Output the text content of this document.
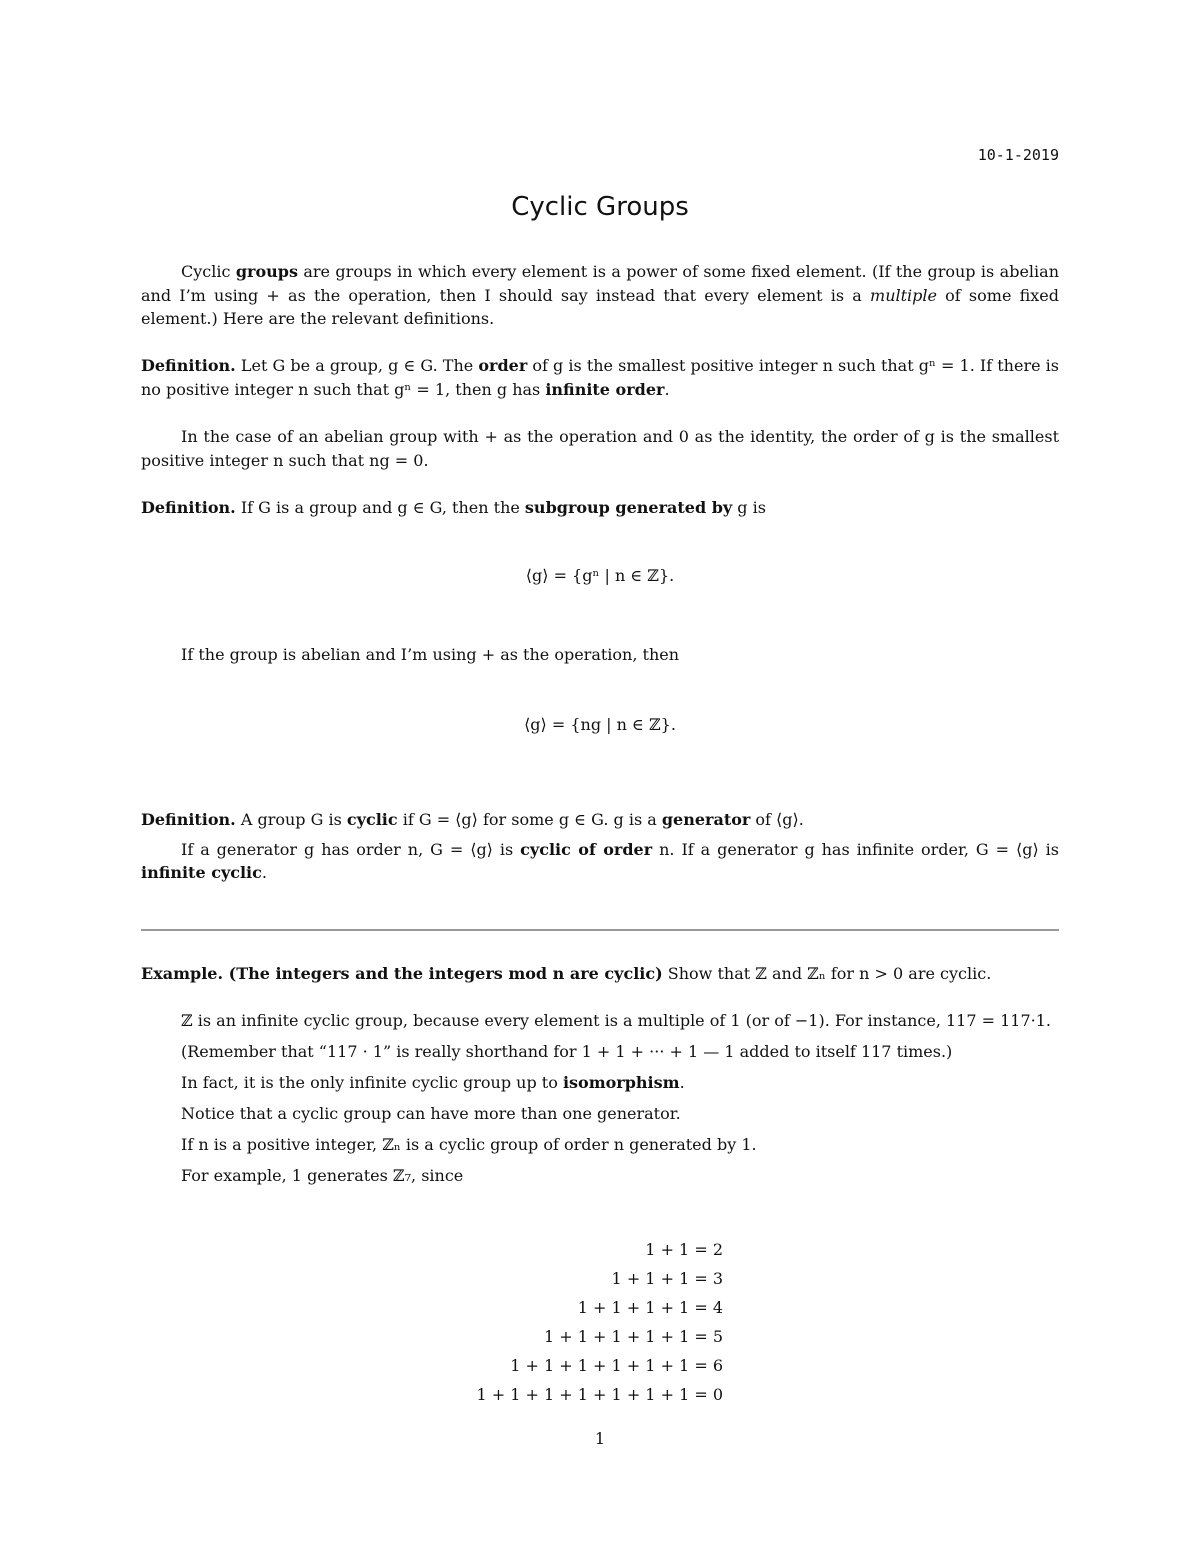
10-1-2019
Cyclic Groups
Cyclic groups are groups in which every element is a power of some fixed element. (If the group is abelian and I’m using + as the operation, then I should say instead that every element is a multiple of some fixed element.) Here are the relevant definitions.
Definition. Let G be a group, g ∈ G. The order of g is the smallest positive integer n such that gⁿ = 1. If there is no positive integer n such that gⁿ = 1, then g has infinite order.
In the case of an abelian group with + as the operation and 0 as the identity, the order of g is the smallest positive integer n such that ng = 0.
Definition. If G is a group and g ∈ G, then the subgroup generated by g is
⟨g⟩ = {gⁿ | n ∈ ℤ}.
If the group is abelian and I’m using + as the operation, then
⟨g⟩ = {ng | n ∈ ℤ}.
Definition. A group G is cyclic if G = ⟨g⟩ for some g ∈ G. g is a generator of ⟨g⟩.
If a generator g has order n, G = ⟨g⟩ is cyclic of order n. If a generator g has infinite order, G = ⟨g⟩ is infinite cyclic.
Example. (The integers and the integers mod n are cyclic) Show that ℤ and ℤₙ for n > 0 are cyclic.
ℤ is an infinite cyclic group, because every element is a multiple of 1 (or of −1). For instance, 117 = 117·1.
(Remember that “117 · 1” is really shorthand for 1 + 1 + ··· + 1 — 1 added to itself 117 times.)
In fact, it is the only infinite cyclic group up to isomorphism.
Notice that a cyclic group can have more than one generator.
If n is a positive integer, ℤₙ is a cyclic group of order n generated by 1.
For example, 1 generates ℤ₇, since
1 + 1 = 2
1 + 1 + 1 = 3
1 + 1 + 1 + 1 = 4
1 + 1 + 1 + 1 + 1 = 5
1 + 1 + 1 + 1 + 1 + 1 = 6
1 + 1 + 1 + 1 + 1 + 1 + 1 = 0
1
